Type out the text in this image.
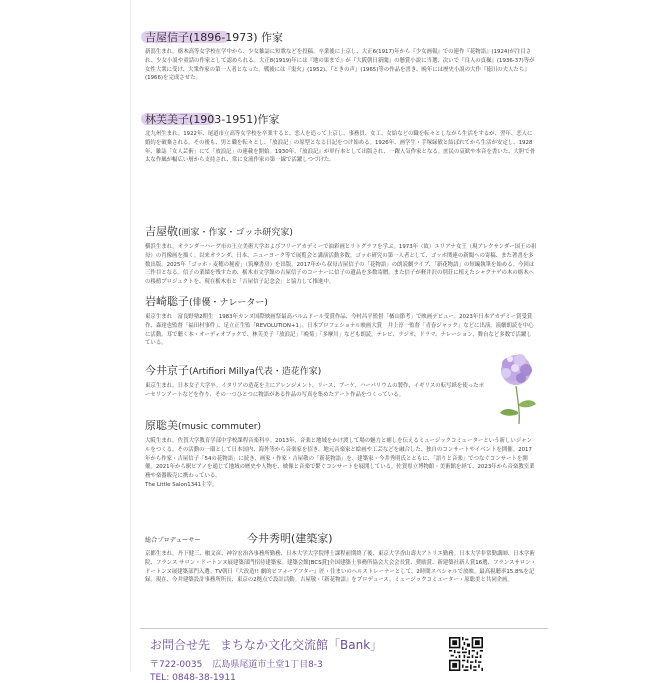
吉屋信子(1896-1973) 作家

新潟生まれ。栃木高等女学校在学中から、少女雑誌に短歌などを投稿。卒業後に上京し、大正6(1917)年から『少女画報』での連作『花物語』(1924)が注目され、少女小説や童話の作家として認められる。大正8(1919)年には『地の果まで』が『大阪朝日新聞』の懸賞小説に当選、次いで『良人の貞操』(1936-37)等が女性大衆に受け、大衆作家の第一人者となった。戦後には『鬼火』(1952)、『ときの声』(1965)等の作品を書き、晩年には歴史小説の大作『徳川の夫人たち』(1966)を完成させた。

林芙美子(1903-1951)作家

北九州生まれ。1922年、尾道市立高等女学校を卒業すると、恋人を追って上京し、事務員、女工、女給などの職を転々としながら生活をするが、翌年、恋人に婚約を破棄される。その後も、男と職を転々とし、「放浪記」の原型となる日記をつけ始める。1926年、画学生・手塚緑敏と結ばれてから生活が安定し、1928年、雑誌「女人芸術」にて「放浪記」の連載を開始。1930年、『放浪記』が単行本として出版され、一躍人気作家となる。庶民の哀歓や本音を書いた、大胆で骨太な作風が幅広い層から支持され、常に女流作家の第一線で活躍しつづけた。

吉屋敬(画家・作家・ゴッホ研究家)

横浜生まれ。オランダ－ハーグ市の王立美術大学およびフリーアカデミーで油彩画とリトグラフを学ぶ。1973年（故）ユリアナ女王（現アレクサンダー国王の祖母）の肖像画を描く。以来オランダ、日本、ニューヨーク等で展覧会と講演活動多数。ゴッホ研究の第一人者として、ゴッホ関連の新聞への寄稿、また著書を多数出版。2025年「ゴッホ・麦穂の秘密」（筑摩書房）を出版。2017年から叔母吉屋信子の「花物語」の朗読劇ライブ、「新花物語」の短編執筆を始める。今回は三作目となる。信子の業績を残すため、栃木市文学館の吉屋信子のコーナーに信子の遺品を多数寄贈。また信子が軽井沢の別荘に植えたシャクナゲの木の栃木への移植プロジェクトを、現在栃木市と「吉屋信子記念会」と協力して推進中。

岩崎聡子(俳優・ナレーター)

東京生まれ　富良野塾2期生　1983年カンヌ国際映画祭最高パルムドール受賞作品、今村昌平監督「楢山節考」で映画デビュー。2023年日本アカデミー賞受賞作、森達也監督「福田村事件」、足立正生監「REVOLUTION+1」。日本プロフェショナル映画大賞　井上淳一監督「青春ジャック」などに出演。演劇朗読を中心に活動。耳で聴く本・オーディオブックで、林芙美子「放浪記」「晩菊」「多摩川」なども朗読。テレビ、ラジオ、ドラマ、ナレーション、舞台など多数で活躍している。

今井京子(Artifiori Millya代表・造花作家)

東京生まれ。日本女子大学卒。イタリアの造花を主にアレンジメント、リース、ブーケ、ハーバリウムの製作、イギリスの転写紙を使ったポーセリンアートなどを作り、その一つひとつに物語がある作品の写真を集めたアート作品をつくっている。

原聡美(music commuter)

大阪生まれ。佐賀大学教育学部中学校課程音楽科卒。2013年、音楽と地域をかけ渡して場の魅力と癒しを伝えるミュージックコミューターという新しいジャンルをつくる。その活動の一環として日本国内、海外等から音楽家を招き、地元音楽家と絵画や工芸などを融合した、独自のコンサートやイベントを開催。2017年から作家・吉屋信子「54の花物語」に続き、画家・作家・吉屋敬の「新花物語」を、建築家・今井秀明氏とともに、「語りと音楽」でつなぐコンサートを開催。2021年から駅ピアノを通じて地域の歴史や人物を、映像と音楽で繋ぐコンサートを展開している。佐賀県立博物館・美術館を経て、2023年から音楽教室業務や楽器販売に携わっている。

The Little Salon1341主宰。

総合プロデューサー	今井秀明(建築家)

京都生まれ。丹下健三、槇文彦、神谷宏治各事務所勤務、日本大学大学院博士課程前期終了後、東京大学香山壽夫アトリエ勤務。日本大学非常勤講師、日本学術院、フランス サロン・ドートンヌ展建築部門招待建築家。建築会館[BCS賞]全国建築士事務所協会大会会長賞、奨励賞、新建築社新人賞16選、フランスサロン・ドートンヌ展建築部門入選。TV朝日『大改造!! 劇的ビフォーアフター』匠・住まいのヘルストレーナーとして、2時間スペシャルで放映。最高視聴率15.8%を記録。現在、今井建築設計事務所所長、東京の2拠点で設計活動。吉屋敬・『新花物語』をプロデュース。ミュージックコミューター・原聡美と共同企画。

お問合せ先 まちなか文化交流館「Bank」
〒722-0035 広島県尾道市土堂1丁目8-3
TEL: 0848-38-1911
